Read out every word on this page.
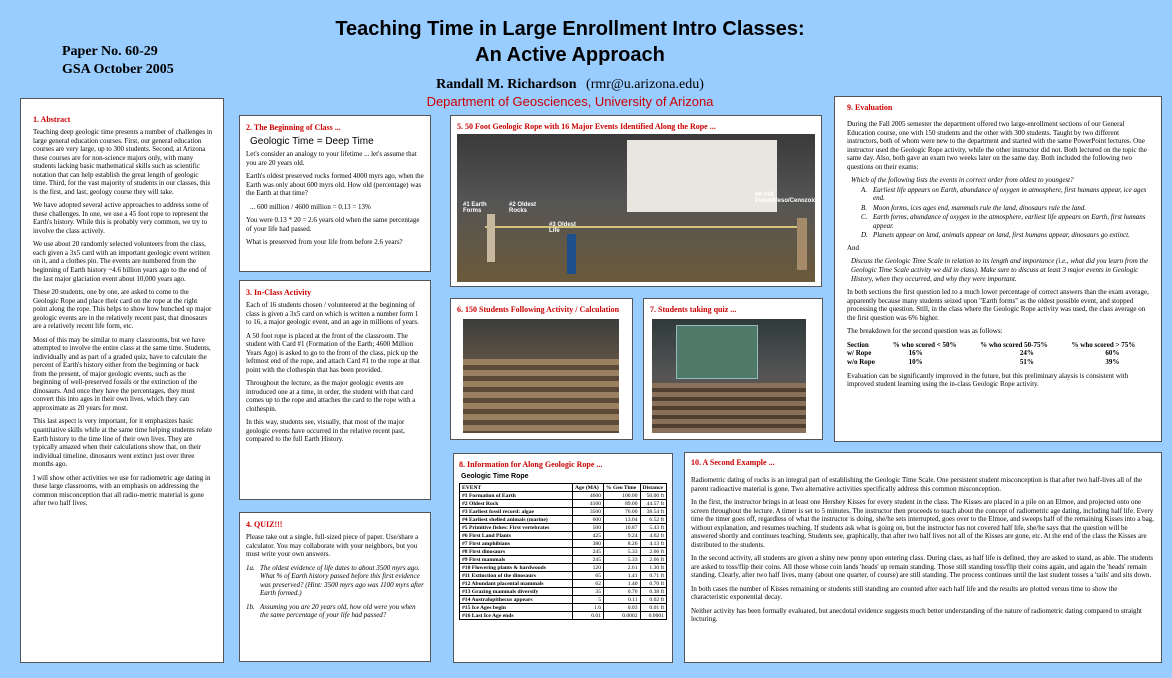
Paper No. 60-29
GSA October 2005
Teaching Time in Large Enrollment Intro Classes:
An Active Approach
Randall M. Richardson (rmr@u.arizona.edu)
Department of Geosciences, University of Arizona
1. Abstract

Teaching deep geologic time presents a number of challenges in large general education courses. First, our general education courses are very large, up to 300 students. Second, at Arizona these courses are for non-science majors only, with many students lacking basic mathematical skills such as scientific notation that can help establish the great length of geologic time. Third, for the vast majority of students in our classes, this is the first, and last, geology course they will take.

We have adopted several active approaches to address some of these challenges. In one, we use a 45 foot rope to represent the Earth's history. While this is probably very common, we try to involve the class actively.

We use about 20 randomly selected volunteers from the class, each given a 3x5 card with an important geologic event written on it, and a clothes pin. The events are numbered from the beginning of Earth history ~4.6 billion years ago to the end of the last major glaciation event about 10,000 years ago.

These 20 students, one by one, are asked to come to the Geologic Rope and place their card on the rope at the right point along the rope. This helps to show how bunched up major geologic events are in the relatively recent past, that dinosaurs are a relatively recent life form, etc.

Most of this may be similar to many classrooms, but we have attempted to involve the entire class at the same time. Students, individually and as part of a graded quiz, have to calculate the percent of Earth's history either from the beginning or back from the present, of major geologic events, such as the beginning of well-preserved fossils or the extinction of the dinosaurs. And once they have the percentages, they must convert this into ages in their own lives, which they can approximate as 20 years for most.

This last aspect is very important, for it emphasizes basic quantitative skills while at the same time helping students relate Earth history to the time line of their own lives. They are typically amazed when their calculations show that, on their individual timeline, dinosaurs went extinct just over three months ago.

I will show other activities we use for radiometric age dating in these large classrooms, with an emphasis on addressing the common misconception that all radio-metric material is gone after two half lives.

2. The Beginning of Class ...
Geologic Time = Deep Time

Let's consider an analogy to your lifetime ... let's assume that you are 20 years old.

Earth's oldest preserved rocks formed 4000 myrs ago, when the Earth was only about 600 myrs old. How old (percentage) was the Earth at that time?

... 600 million / 4600 million = 0.13 = 13%

You were 0.13 * 20 = 2.6 years old when the same percentage of your life had passed.

What is preserved from your life from before 2.6 years?

3. In-Class Activity

Each of 16 students chosen / volunteered at the beginning of class is given a 3x5 card on which is written a number form 1 to 16, a major geologic event, and an age in millions of years.

A 50 foot rope is placed at the front of the classroom. The student with Card #1 (Formation of the Earth; 4600 Million Years Ago) is asked to go to the front of the class, pick up the leftmost end of the rope, and attach Card #1 to the rope at that point with the clothespin that has been provided.

Throughout the lecture, as the major geologic events are introduced one at a time, in order, the student with that card comes up to the rope and attaches the card to the rope with a clothespin.

In this way, students see, visually, that most of the major geologic events have occurred in the relative recent past, compared to the full Earth History.

4. QUIZ!!!

Please take out a single, full-sized piece of paper. Use/share a calculator. You may collaborate with your neighbors, but you must write your own answers.

1a. The oldest evidence of life dates to about 3500 myrs ago. What % of Earth history passed before this first evidence was preserved? (Hint: 3500 myrs ago was 1100 myrs after Earth formed.)
1b. Assuming you are 20 years old, how old were you when the same percentage of your life had passed?
5. 50 Foot Geologic Rope with 16 Major Events Identified Along the Rope ...
#1 Earth Forms
#2 Oldest Rocks
#3 Oldest Life
#6-#16 Paleo/Meso/Cenozoic
6. 150 Students Following Activity / Calculation	7. Students taking quiz ...
8. Information for Along Geologic Rope ...
Geologic Time Rope
EVENT	Age (MA)	% Geo Time	Distance
#1 Formation of Earth	4600	100.00	50.00 ft
#2 Oldest Rock	4100	89.00	44.57 ft
#3 Earliest fossil record: algae	3500	76.00	38.54 ft
#4 Earliest shelled animals (marine)	600	13.04	6.52 ft
#5 Primitive fishes: First vertebrates	500	10.87	5.43 ft
#6 First Land Plants	425	9.24	4.62 ft
#7 First amphibians	380	8.26	4.13 ft
#8 First dinosaurs	245	5.33	2.66 ft
#9 First mammals	245	5.33	2.66 ft
#10 Flowering plants & hardwoods	120	2.61	1.30 ft
#11 Extinction of the dinosaurs	65	1.41	0.71 ft
#12 Abundant placental mammals	62	1.40	0.70 ft
#13 Grazing mammals diversify	35	0.76	0.38 ft
#14 Australopithecus appears	5	0.11	0.02 ft
#15 Ice Ages begin	1.6	0.03	0.01 ft
#16 Last Ice Age ends	0.01	0.0002	0.0001
9. Evaluation

During the Fall 2005 semester the department offered two large-enrollment sections of our General Education course, one with 150 students and the other with 300 students. Taught by two different instructors, both of whom were new to the department and started with the same PowerPoint lectures. One instructor used the Geologic Rope activity, while the other instructor did not. Both lectured on the topic the same day. Also, both gave an exam two weeks later on the same day. Both included the following two questions on their exams:

Which of the following lists the events in correct order from oldest to youngest?
A. Earliest life appears on Earth, abundance of oxygen in atmosphere, first humans appear, ice ages end.
B. Moon forms, ices ages end, mammals rule the land, dinosaurs rule the land.
C. Earth forms, abundance of oxygen in the atmosphere, earliest life appears on Earth, first humans appear.
D. Planets appear on land, animals appear on land, first humans appear, dinosaurs go extinct.
And

Discuss the Geologic Time Scale in relation to its length and importance (i.e., what did you learn from the Geologic Time Scale activity we did in class). Make sure to discuss at least 3 major events in Geologic History, when they occurred, and why they were important.

In both sections the first question led to a much lower percentage of correct answers than the exam average, apparently because many students seized upon "Earth forms" as the oldest possible event, and stopped processing the question. Still, in the class where the Geologic Rope activity was used, the class average on the first question was 6% higher.

The breakdown for the second question was as follows:

Section	% who scored < 50%	% who scored 50-75%	% who scored > 75%
w/ Rope	16%	24%	60%
w/o Rope	10%	51%	39%

Evaluation can be significantly improved in the future, but this preliminary alaysis is consistent with improved student learning using the in-class Geologic Rope activity.

10. A Second Example ...

Radiometric dating of rocks is an integral part of establishing the Geologic Time Scale. One persistent student misconception is that after two half-lives all of the parent radioactive material is gone. Two alternative activities specifically address this common misconception.

In the first, the instructor brings in at least one Hershey Kisses for every student in the class. The Kisses are placed in a pile on an Elmoe, and projected onto one screen throughout the lecture. A timer is set to 5 minutes. The instructor then proceeds to teach about the concept of radiometric age dating, including half life. Every time the timer goes off, regardless of what the instructor is doing, she/he sets interrupted, goes over to the Elmoe, and sweeps half of the remaining Kisses into a bag, without explanation, and resumes teaching. If students ask what is going on, but the instructor has not covered half life, she/he says that the question will be answered shortly and continues teaching. Students see, graphically, that after two half lives not all of the Kisses are gone, etc. At the end of the class the Kisses are distributed to the students.

In the second activity, all students are given a shiny new penny upon entering class. During class, as half life is defined, they are asked to stand, as able. The students are asked to toss/flip their coins. All those whose coin lands 'heads' up remain standing. Those still standing toss/flip their coins again, and again the 'heads' remain standing. Clearly, after two half lives, many (about one quarter, of course) are still standing. The process continues until the last student tosses a 'tails' and sits down.

In both cases the number of Kisses remaining or students still standing are counted after each half life and the results are plotted versus time to show the characteristic exponential decay.

Neither activity has been formally evaluated, but anecdotal evidence suggests much better understanding of the nature of radiometric dating compared to straight lecturing.
